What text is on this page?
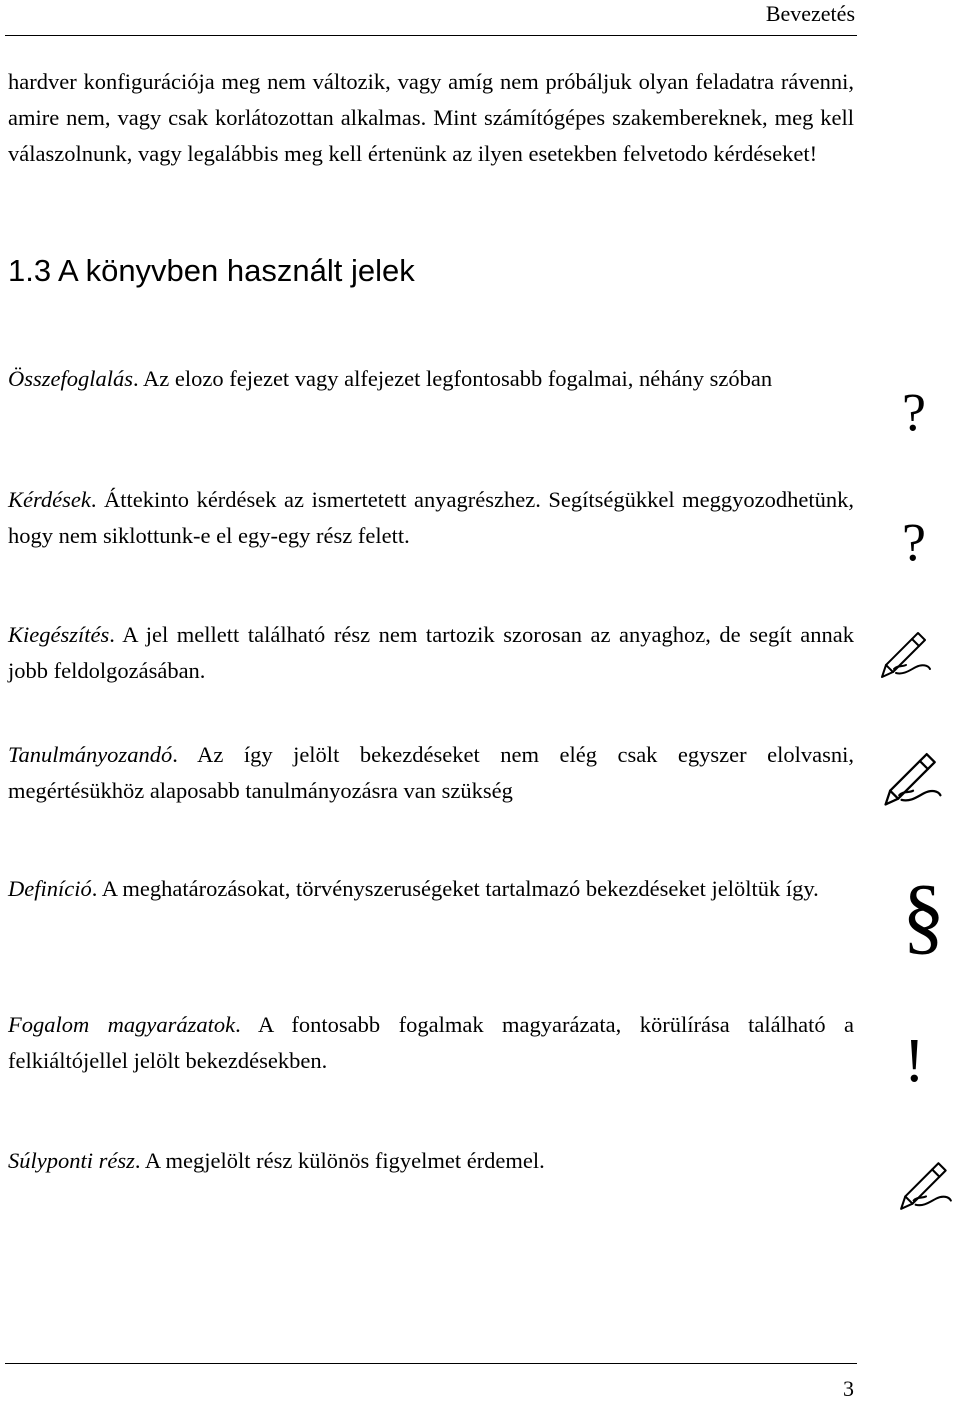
Bevezetés
hardver konfigurációja meg nem változik, vagy amíg nem próbáljuk olyan feladatra rávenni, amire nem, vagy csak korlátozottan alkalmas. Mint számítógépes szakembereknek, meg kell válaszolnunk, vagy legalábbis meg kell értenünk az ilyen esetekben felvetodo kérdéseket!
1.3 A könyvben használt jelek
Összefoglalás. Az elozo fejezet vagy alfejezet legfontosabb fogalmai, néhány szóban
?
Kérdések. Áttekinto kérdések az ismertetett anyagrészhez. Segítségükkel meggyozodhetünk, hogy nem siklottunk-e el egy-egy rész felett.	?
Kiegészítés. A jel mellett található rész nem tartozik szorosan az anyaghoz, de segít annak jobb feldolgozásában.
Tanulmányozandó. Az így jelölt bekezdéseket nem elég csak egyszer elolvasni, megértésükhöz alaposabb tanulmányozásra van szükség
Definíció. A meghatározásokat, törvényszeruségeket tartalmazó bekezdéseket jelöltük így. §
Fogalom magyarázatok. A fontosabb fogalmak magyarázata, körülírása található a felkiáltójellel jelölt bekezdésekben.	!
Súlyponti rész. A megjelölt rész különös figyelmet érdemel.
3
